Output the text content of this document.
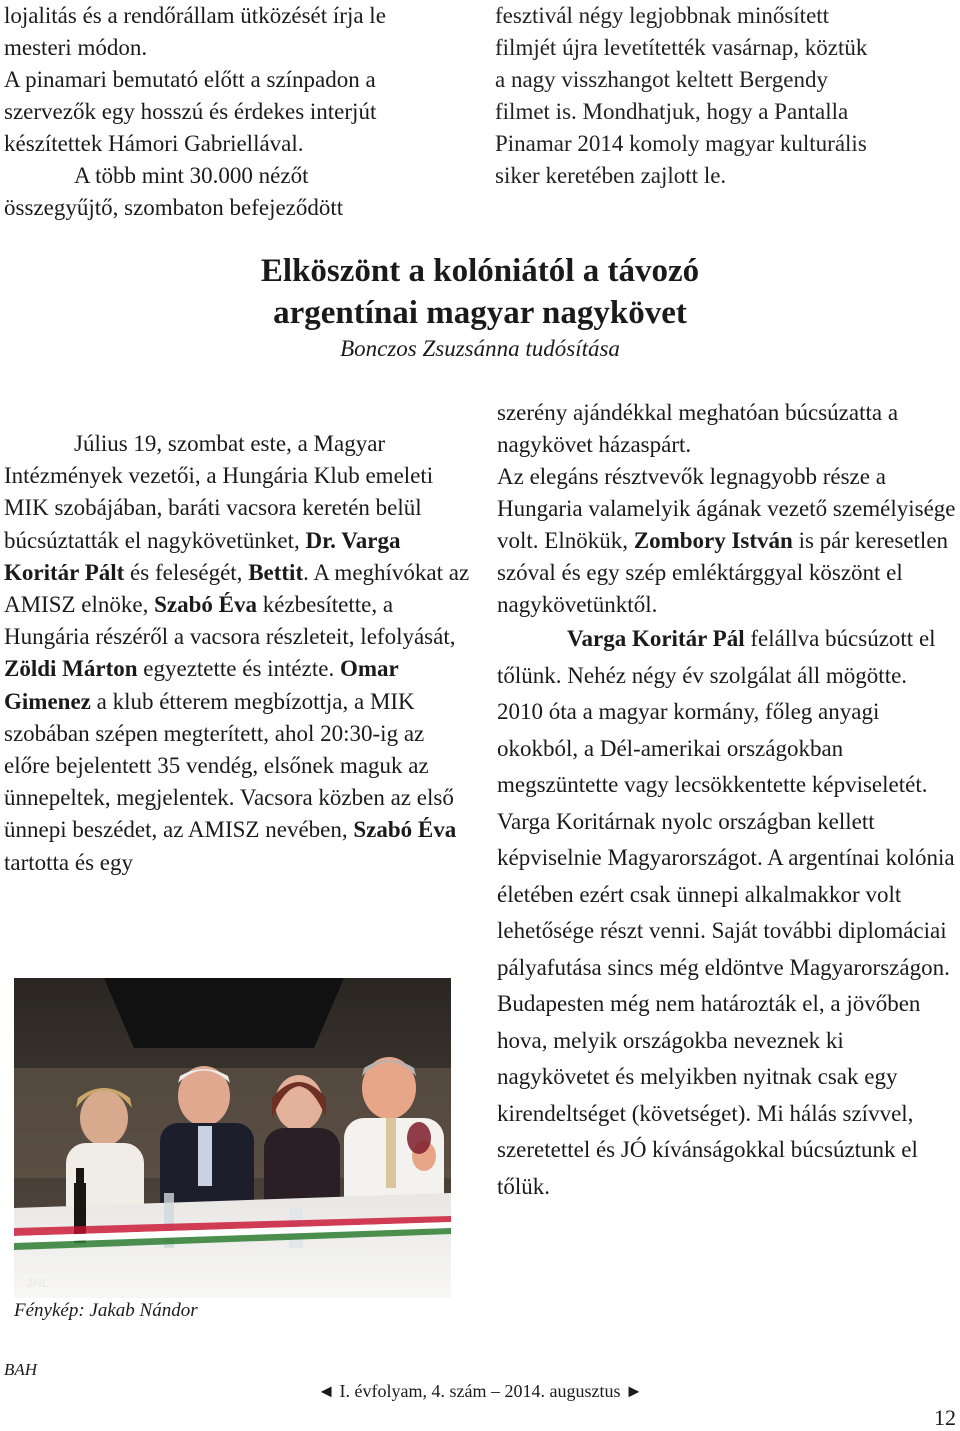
lojalitás és a rendőrállam ütközését írja le

mesteri módon.

A pinamari bemutató előtt a színpadon a

szervezők egy hosszú és érdekes interjút

készítettek Hámori Gabriellával.

A több mint 30.000 nézőt

összegyűjtő, szombaton befejeződött

fesztivál négy legjobbnak minősített

filmjét újra levetítették vasárnap, köztük

a nagy visszhangot keltett Bergendy

filmet is. Mondhatjuk, hogy a Pantalla

Pinamar 2014 komoly magyar kulturális

siker keretében zajlott le.

Elköszönt a kolóniától a távozó
argentínai magyar nagykövet

Bonczos Zsuzsánna tudósítása

Július 19, szombat este, a Magyar Intézmények vezetői, a Hungária Klub emeleti MIK szobájában, baráti vacsora keretén belül búcsúztatták el nagykövetünket, Dr. Varga Koritár Pált és feleségét, Bettit. A meghívókat az AMISZ elnöke, Szabó Éva kézbesítette, a Hungária részéről a vacsora részleteit, lefolyását, Zöldi Márton egyeztette és intézte. Omar Gimenez a klub étterem megbízottja, a MIK szobában szépen megterített, ahol 20:30-ig az előre bejelentett 35 vendég, elsőnek maguk az ünnepeltek, megjelentek. Vacsora közben az első ünnepi beszédet, az AMISZ nevében, Szabó Éva tartotta és egy

JNL
Fénykép: Jakab Nándor

szerény ajándékkal meghatóan búcsúzatta a nagykövet házaspárt.

Az elegáns résztvevők legnagyobb része a Hungaria valamelyik ágának vezető személyisége volt. Elnökük, Zombory István is pár keresetlen szóval és egy szép emléktárggyal köszönt el nagykövetünktől.

Varga Koritár Pál felállva búcsúzott el tőlünk. Nehéz négy év szolgálat áll mögötte. 2010 óta a magyar kormány, főleg anyagi okokból, a Dél-amerikai országokban megszüntette vagy lecsökkentette képviseletét. Varga Koritárnak nyolc országban kellett képviselnie Magyarországot. A argentínai kolónia életében ezért csak ünnepi alkalmakkor volt lehetősége részt venni. Saját további diplomáciai pályafutása sincs még eldöntve Magyarországon. Budapesten még nem határozták el, a jövőben hova, melyik országokba neveznek ki nagykövetet és melyikben nyitnak csak egy kirendeltséget (követséget). Mi hálás szívvel, szeretettel és JÓ kívánságokkal búcsúztunk el tőlük.

BAH
◄ I. évfolyam, 4. szám – 2014. augusztus ►
12
